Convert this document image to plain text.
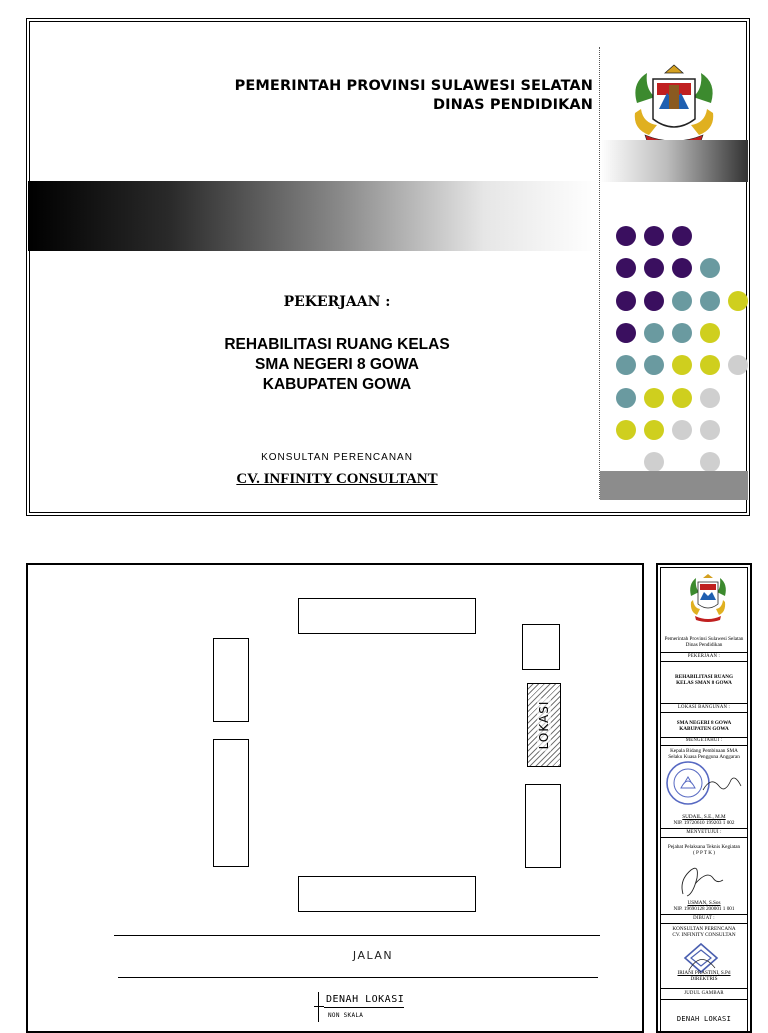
PEMERINTAH PROVINSI SULAWESI SELATAN
DINAS PENDIDIKAN
PEKERJAAN :
REHABILITASI RUANG KELAS
SMA NEGERI 8 GOWA
KABUPATEN GOWA
KONSULTAN PERENCANAN
CV. INFINITY CONSULTANT
LOKASI
JALAN
DENAH LOKASI
NON SKALA
Pemerintah Provinsi Sulawesi Selatan
Dinas Pendidikan
PEKERJAAN :
REHABILITASI RUANG
KELAS SMAN 8 GOWA
LOKASI BANGUNAN :
SMA NEGERI 8 GOWA
KABUPATEN GOWA
MENGETAHUI :
Kepala Bidang Pembinaan SMA
Selaku Kuasa Pengguna Anggaran
SUDAIL, S.E., M.M
NIP. 19720610 199203 1 002
MENYETUJUI :
Pejabat Pelaksana Teknis Kegiatan
( P P T K )
USMAN, S.Sos
NIP. 19690128 200001 1 001
DIBUAT :
KONSULTAN PERENCANA
CV. INFINITY CONSULTAN
IRIANI PRASTINI, S.Pd
DIREKTRIS
JUDUL GAMBAR
DENAH LOKASI
